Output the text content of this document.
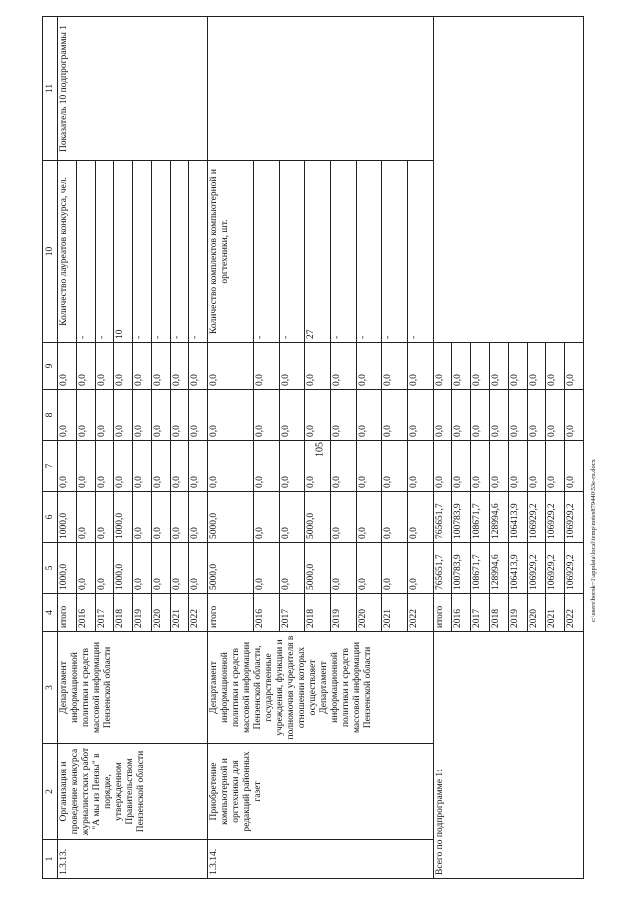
105
c:\users\borok~1\appdata\local\temp\notes879440\53e-ru.docx
1	2	3	4	5	6	7	8	9	10	11
1.3.13.	Организация и проведение конкурса журналистских работ "А мы из Пензы" в порядке, утвержденном Правительством Пензенской области	Департамент информационной политики и средств массовой информации Пензенской области	итого	1000,0	1000,0	0,0	0,0	0,0	Количество лауреатов конкурса, чел.	Показатель 10 подпрограммы 1
			2016	0,0	0,0	0,0	0,0	0,0	-	
			2017	0,0	0,0	0,0	0,0	0,0	-	
			2018	1000,0	1000,0	0,0	0,0	0,0	10	
			2019	0,0	0,0	0,0	0,0	0,0	-	
			2020	0,0	0,0	0,0	0,0	0,0	-	
			2021	0,0	0,0	0,0	0,0	0,0	-	
			2022	0,0	0,0	0,0	0,0	0,0	-	
1.3.14.	Приобретение компьютерной и оргтехники для редакций районных газет	Департамент информационной политики и средств массовой информации Пензенской области, государственные учреждения, функции и полномочия учредителя в отношении которых осуществляет Департамент информационной политики и средств массовой информации Пензенской области	итого	5000,0	5000,0	0,0	0,0	0,0	Количество комплектов компьютерной и оргтехники, шт.	
			2016	0,0	0,0	0,0	0,0	0,0	-	
			2017	0,0	0,0	0,0	0,0	0,0	-	
			2018	5000,0	5000,0	0,0	0,0	0,0	27	
			2019	0,0	0,0	0,0	0,0	0,0	-	
			2020	0,0	0,0	0,0	0,0	0,0	-	
			2021	0,0	0,0	0,0	0,0	0,0	-	
			2022	0,0	0,0	0,0	0,0	0,0	-	
Всего по подпрограмме 1:			итого	765651,7	765651,7	0,0	0,0	0,0		
			2016	100783,9	100783,9	0,0	0,0	0,0		
			2017	108671,7	108671,7	0,0	0,0	0,0		
			2018	128994,6	128994,6	0,0	0,0	0,0		
			2019	106413,9	106413,9	0,0	0,0	0,0		
			2020	106929,2	106929,2	0,0	0,0	0,0		
			2021	106929,2	106929,2	0,0	0,0	0,0		
			2022	106929,2	106929,2	0,0	0,0	0,0		
